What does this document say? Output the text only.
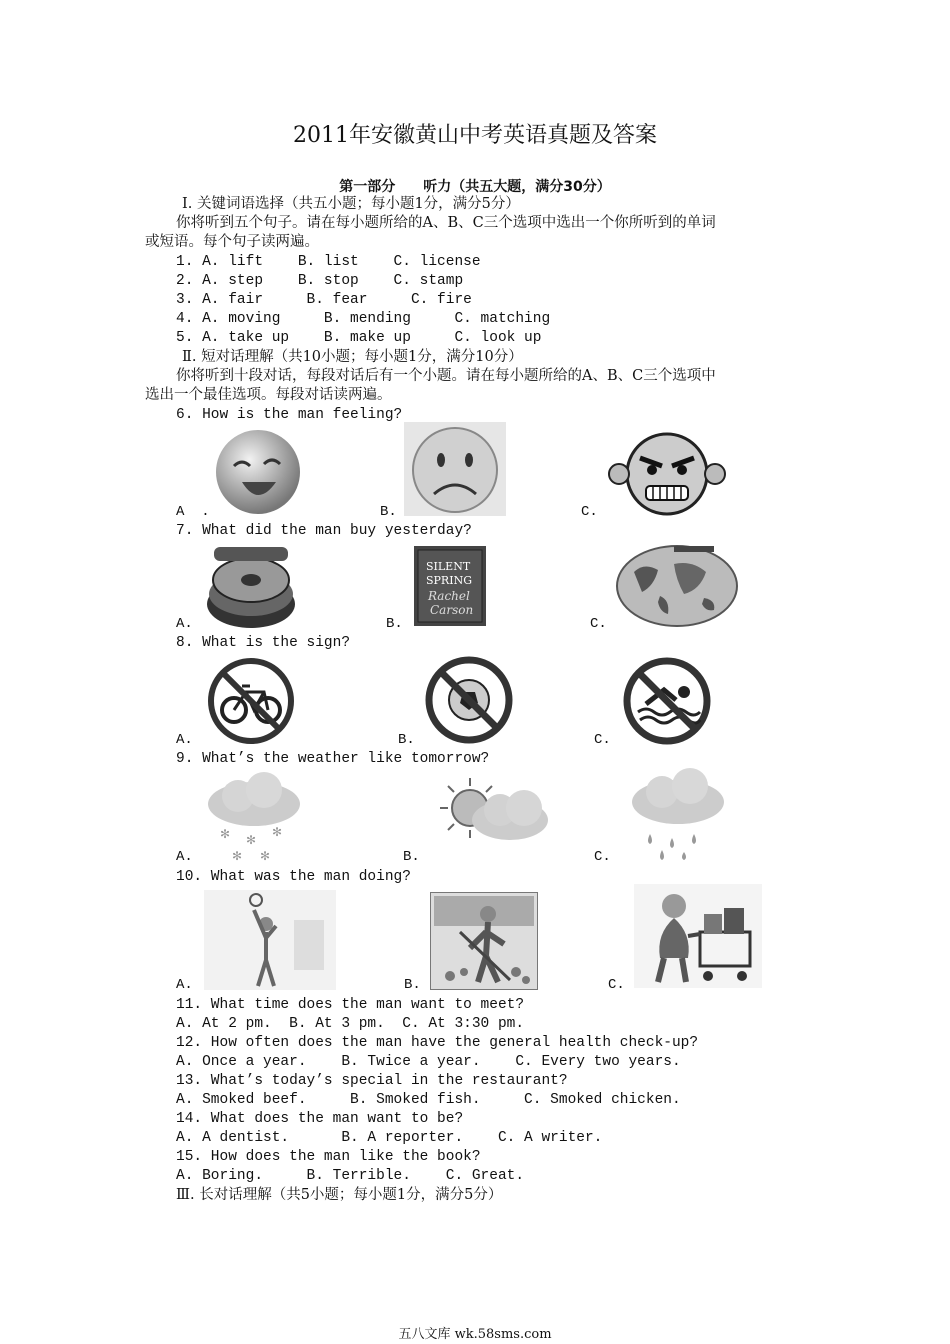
2011年安徽黄山中考英语真题及答案
第一部分　　听力（共五大题，满分30分）
Ⅰ. 关键词语选择（共五小题；每小题1分，满分5分）
你将听到五个句子。请在每小题所给的A、B、C三个选项中选出一个你所听到的单词
或短语。每个句子读两遍。
1. A. lift    B. list    C. license
2. A. step    B. stop    C. stamp
3. A. fair     B. fear     C. fire
4. A. moving     B. mending     C. matching
5. A. take up    B. make up     C. look up
Ⅱ. 短对话理解（共10小题；每小题1分，满分10分）
你将听到十段对话，每段对话后有一个小题。请在每小题所给的A、B、C三个选项中
选出一个最佳选项。每段对话读两遍。
6. How is the man feeling?
A  .	B.	C.
7. What did the man buy yesterday?
SILENT
SPRING
Rachel
Carson
A.	B.	C.
8. What is the sign?
A.	B.	C.
9. What’s the weather like tomorrow?
✻ ✻
✻
✻ ✻
A.	B.	C.
10. What was the man doing?
A.	B.	C.
11. What time does the man want to meet?
A. At 2 pm.  B. At 3 pm.  C. At 3:30 pm.
12. How often does the man have the general health check-up?
A. Once a year.    B. Twice a year.    C. Every two years.
13. What’s today’s special in the restaurant?
A. Smoked beef.     B. Smoked fish.     C. Smoked chicken.
14. What does the man want to be?
A. A dentist.      B. A reporter.    C. A writer.
15. How does the man like the book?
A. Boring.     B. Terrible.    C. Great.
Ⅲ. 长对话理解（共5小题；每小题1分，满分5分）
五八文库 wk.58sms.com
